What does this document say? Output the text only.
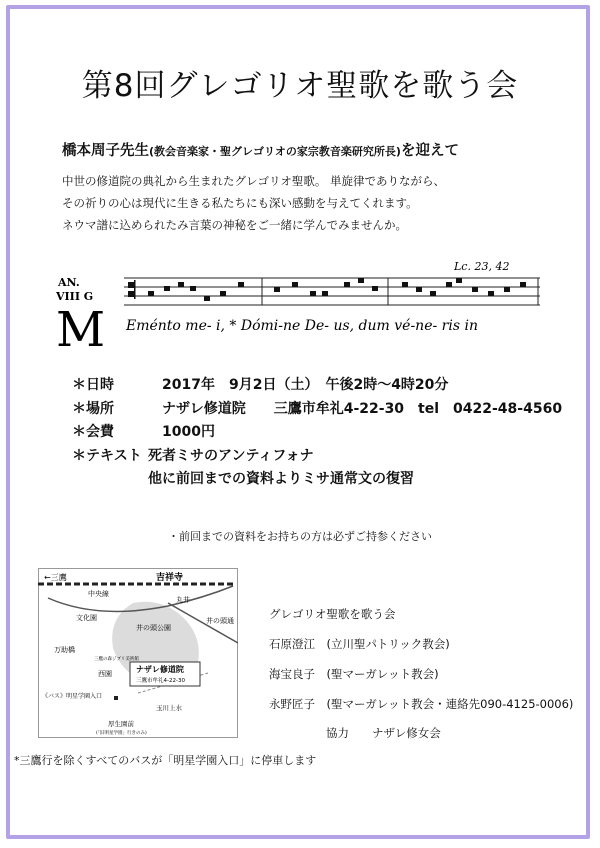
第8回グレゴリオ聖歌を歌う会
橋本周子先生(教会音楽家・聖グレゴリオの家宗教音楽研究所長)を迎えて
中世の修道院の典礼から生まれたグレゴリオ聖歌。 単旋律でありながら、
その祈りの心は現代に生きる私たちにも深い感動を与えてくれます。
ネウマ譜に込められたみ言葉の神秘をご一緒に学んでみませんか。
AN.
VIII G
M
Lc. 23, 42
Eménto me- i, * Dómi-ne De- us, dum vé-ne- ris in
＊日時	2017年　9月2日（土）　午後2時〜4時20分
＊場所	ナザレ修道院　　三鷹市牟礼4-22-30　tel　0422-48-4560
＊会費	1000円
＊テキスト 死者ミサのアンティフォナ
他に前回までの資料よりミサ通常文の復習
・前回までの資料をお持ちの方は必ずご持参ください
←三鷹	吉祥寺
中央線
丸井
井の頭通
文化園
井の頭公園
万助橋
三鷹の森ジブリ美術館
西園	ナザレ修道院
三鷹市牟礼4-22-30
《バス》明星学園入口
玉川上水
厚生園前
(「旧明星学園」行きのみ)
グレゴリオ聖歌を歌う会
石原澄江　(立川聖パトリック教会)
海宝良子　(聖マーガレット教会)
永野匠子　(聖マーガレット教会・連絡先090-4125-0006)
協力　　ナザレ修女会
*三鷹行を除くすべてのバスが「明星学園入口」に停車します
